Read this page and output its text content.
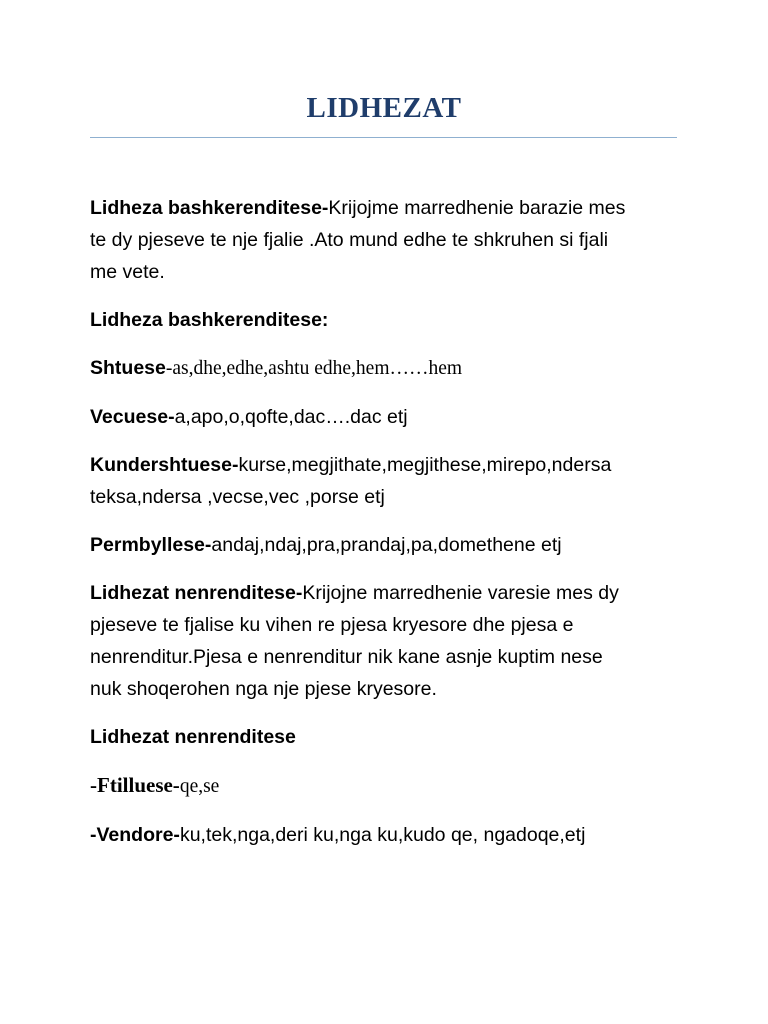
LIDHEZAT
Lidheza bashkerenditese-Krijojme marredhenie barazie mes
te dy pjeseve te nje fjalie .Ato mund edhe te shkruhen si fjali
me vete.
Lidheza bashkerenditese:
Shtuese-as,dhe,edhe,ashtu edhe,hem……hem
Vecuese-a,apo,o,qofte,dac….dac etj
Kundershtuese-kurse,megjithate,megjithese,mirepo,ndersa
teksa,ndersa ,vecse,vec ,porse etj
Permbyllese-andaj,ndaj,pra,prandaj,pa,domethene etj
Lidhezat nenrenditese-Krijojne marredhenie varesie mes dy
pjeseve te fjalise ku vihen re pjesa kryesore dhe pjesa e
nenrenditur.Pjesa e nenrenditur nik kane asnje kuptim nese
nuk shoqerohen nga nje pjese kryesore.
Lidhezat nenrenditese
-Ftilluese-qe,se
-Vendore-ku,tek,nga,deri ku,nga ku,kudo qe, ngadoqe,etj
